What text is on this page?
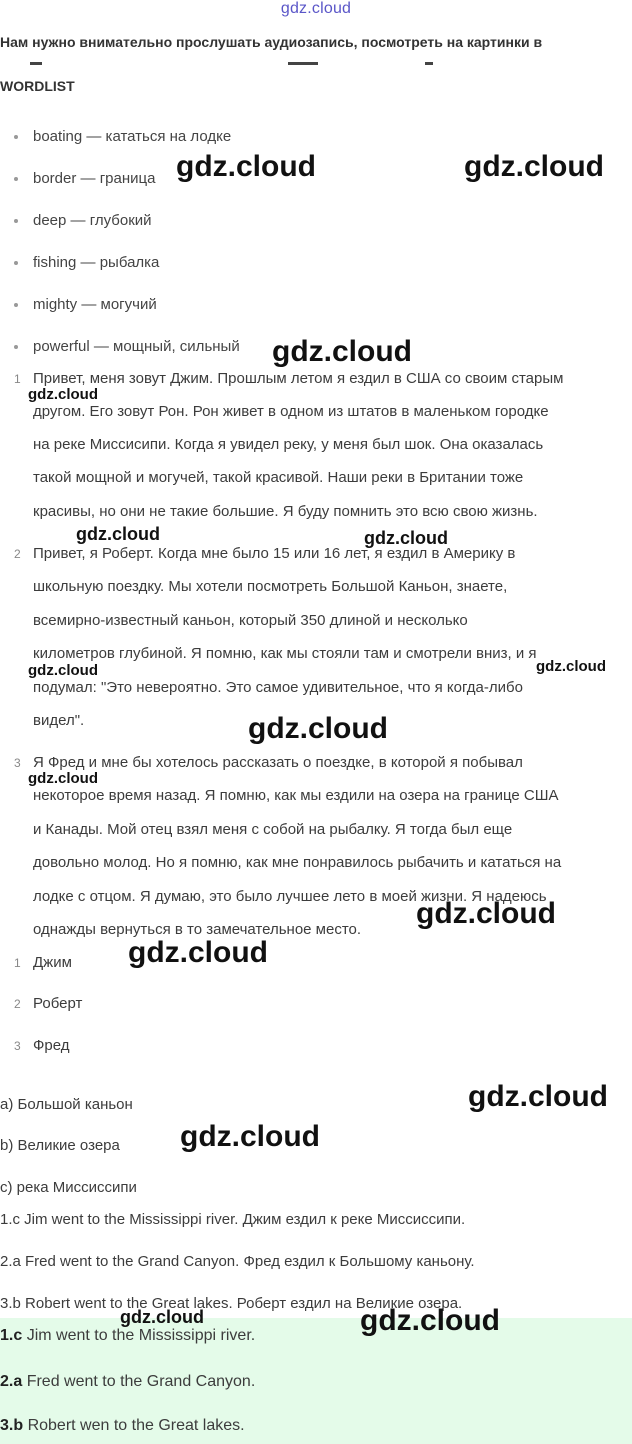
gdz.cloud
Нам нужно внимательно прослушать аудиозапись, посмотреть на картинки в
WORDLIST
boating — кататься на лодке
border — граница
deep — глубокий
fishing — рыбалка
mighty — могучий
powerful — мощный, сильный
1 Привет, меня зовут Джим. Прошлым летом я ездил в США со своим старым
другом. Его зовут Рон. Рон живет в одном из штатов в маленьком городке
на реке Миссисипи. Когда я увидел реку, у меня был шок. Она оказалась
такой мощной и могучей, такой красивой. Наши реки в Британии тоже
красивы, но они не такие большие. Я буду помнить это всю свою жизнь.
2 Привет, я Роберт. Когда мне было 15 или 16 лет, я ездил в Америку в
школьную поездку. Мы хотели посмотреть Большой Каньон, знаете,
всемирно-известный каньон, который 350 длиной и несколько
километров глубиной. Я помню, как мы стояли там и смотрели вниз, и я
подумал: "Это невероятно. Это самое удивительное, что я когда-либо
видел".
3 Я Фред и мне бы хотелось рассказать о поездке, в которой я побывал
некоторое время назад. Я помню, как мы ездили на озера на границе США
и Канады. Мой отец взял меня с собой на рыбалку. Я тогда был еще
довольно молод. Но я помню, как мне понравилось рыбачить и кататься на
лодке с отцом. Я думаю, это было лучшее лето в моей жизни. Я надеюсь
однажды вернуться в то замечательное место.
1 Джим
2 Роберт
3 Фред
a) Большой каньон
b) Великие озера
c) река Миссиссипи
1.c Jim went to the Mississippi river. Джим ездил к реке Миссиссипи.
2.a Fred went to the Grand Canyon. Фред ездил к Большому каньону.
3.b Robert went to the Great lakes. Роберт ездил на Великие озера.
1.c Jim went to the Mississippi river.
2.a Fred went to the Grand Canyon.
3.b Robert wen to the Great lakes.
gdz.cloud	gdz.cloud
gdz.cloud
gdz.cloud
gdz.cloud	gdz.cloud
gdz.cloud	gdz.cloud
gdz.cloud
gdz.cloud
gdz.cloud
gdz.cloud
gdz.cloud
gdz.cloud
gdz.cloud	gdz.cloud
